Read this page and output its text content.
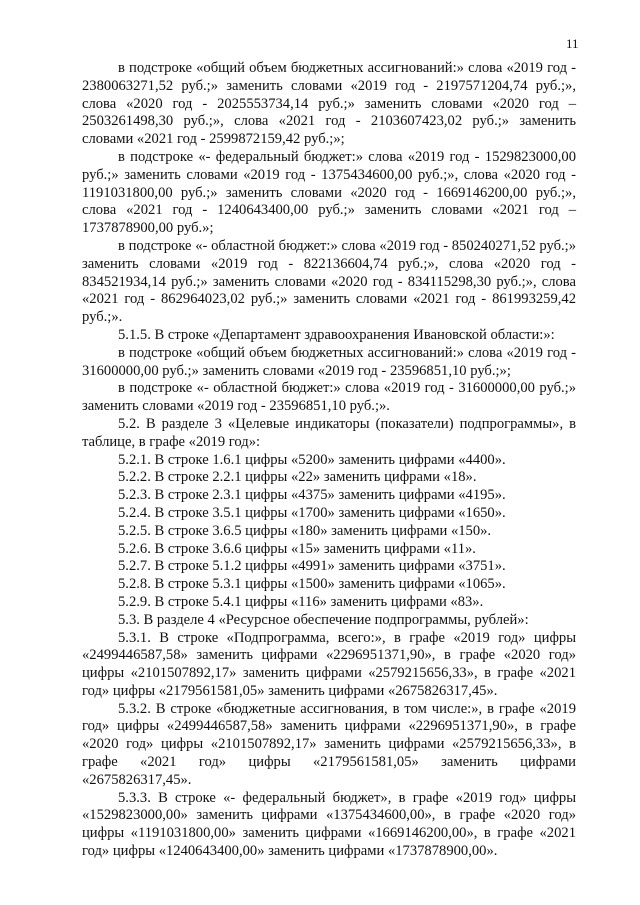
11

в подстроке «общий объем бюджетных ассигнований:» слова «2019 год - 2380063271,52 руб.;» заменить словами «2019 год - 2197571204,74 руб.;», слова «2020 год - 2025553734,14 руб.;» заменить словами «2020 год – 2503261498,30 руб.;», слова «2021 год - 2103607423,02 руб.;» заменить словами «2021 год - 2599872159,42 руб.;»;

в подстроке «- федеральный бюджет:» слова «2019 год - 1529823000,00 руб.;» заменить словами «2019 год - 1375434600,00 руб.;», слова «2020 год - 1191031800,00 руб.;» заменить словами «2020 год - 1669146200,00 руб.;», слова «2021 год - 1240643400,00 руб.;» заменить словами «2021 год – 1737878900,00 руб.»;

в подстроке «- областной бюджет:» слова «2019 год - 850240271,52 руб.;» заменить словами «2019 год - 822136604,74 руб.;», слова «2020 год - 834521934,14 руб.;» заменить словами «2020 год - 834115298,30 руб.;», слова «2021 год - 862964023,02 руб.;» заменить словами «2021 год - 861993259,42 руб.;».

5.1.5. В строке «Департамент здравоохранения Ивановской области:»:

в подстроке «общий объем бюджетных ассигнований:» слова «2019 год - 31600000,00 руб.;» заменить словами «2019 год - 23596851,10 руб.;»;

в подстроке «- областной бюджет:» слова «2019 год - 31600000,00 руб.;» заменить словами «2019 год - 23596851,10 руб.;».

5.2. В разделе 3 «Целевые индикаторы (показатели) подпрограммы», в таблице, в графе «2019 год»:

5.2.1. В строке 1.6.1 цифры «5200» заменить цифрами «4400».

5.2.2. В строке 2.2.1 цифры «22» заменить цифрами «18».

5.2.3. В строке 2.3.1 цифры «4375» заменить цифрами «4195».

5.2.4. В строке 3.5.1 цифры «1700» заменить цифрами «1650».

5.2.5. В строке 3.6.5 цифры «180» заменить цифрами «150».

5.2.6. В строке 3.6.6 цифры «15» заменить цифрами «11».

5.2.7. В строке 5.1.2 цифры «4991» заменить цифрами «3751».

5.2.8. В строке 5.3.1 цифры «1500» заменить цифрами «1065».

5.2.9. В строке 5.4.1 цифры «116» заменить цифрами «83».

5.3. В разделе 4 «Ресурсное обеспечение подпрограммы, рублей»:

5.3.1. В строке «Подпрограмма, всего:», в графе «2019 год» цифры «2499446587,58» заменить цифрами «2296951371,90», в графе «2020 год» цифры «2101507892,17» заменить цифрами «2579215656,33», в графе «2021 год» цифры «2179561581,05» заменить цифрами «2675826317,45».

5.3.2. В строке «бюджетные ассигнования, в том числе:», в графе «2019 год» цифры «2499446587,58» заменить цифрами «2296951371,90», в графе «2020 год» цифры «2101507892,17» заменить цифрами «2579215656,33», в графе «2021 год» цифры «2179561581,05» заменить цифрами «2675826317,45».

5.3.3. В строке «- федеральный бюджет», в графе «2019 год» цифры «1529823000,00» заменить цифрами «1375434600,00», в графе «2020 год» цифры «1191031800,00» заменить цифрами «1669146200,00», в графе «2021 год» цифры «1240643400,00» заменить цифрами «1737878900,00».
